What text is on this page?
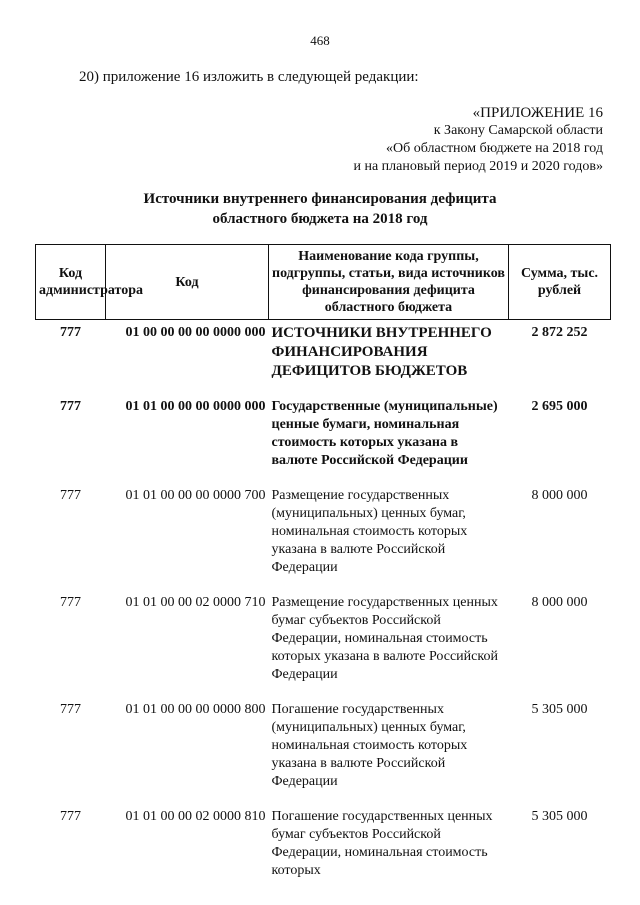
468
20) приложение 16 изложить в следующей редакции:
«ПРИЛОЖЕНИЕ 16
к Закону Самарской области
«Об областном бюджете на 2018 год
и на плановый период 2019 и 2020 годов»
Источники внутреннего финансирования дефицита
областного бюджета на 2018 год
Код администратора	Код	Наименование кода группы, подгруппы, статьи, вида источников финансирования дефицита областного бюджета	Сумма, тыс. рублей
777	01 00 00 00 00 0000 000	ИСТОЧНИКИ ВНУТРЕННЕГО ФИНАНСИРОВАНИЯ ДЕФИЦИТОВ БЮДЖЕТОВ	2 872 252
777	01 01 00 00 00 0000 000	Государственные (муниципальные) ценные бумаги, номинальная стоимость которых указана в валюте Российской Федерации	2 695 000
777	01 01 00 00 00 0000 700	Размещение государственных (муниципальных) ценных бумаг, номинальная стоимость которых указана в валюте Российской Федерации	8 000 000
777	01 01 00 00 02 0000 710	Размещение государственных ценных бумаг субъектов Российской Федерации, номинальная стоимость которых указана в валюте Российской Федерации	8 000 000
777	01 01 00 00 00 0000 800	Погашение государственных (муниципальных) ценных бумаг, номинальная стоимость которых указана в валюте Российской Федерации	5 305 000
777	01 01 00 00 02 0000 810	Погашение государственных ценных бумаг субъектов Российской Федерации, номинальная стоимость которых	5 305 000
